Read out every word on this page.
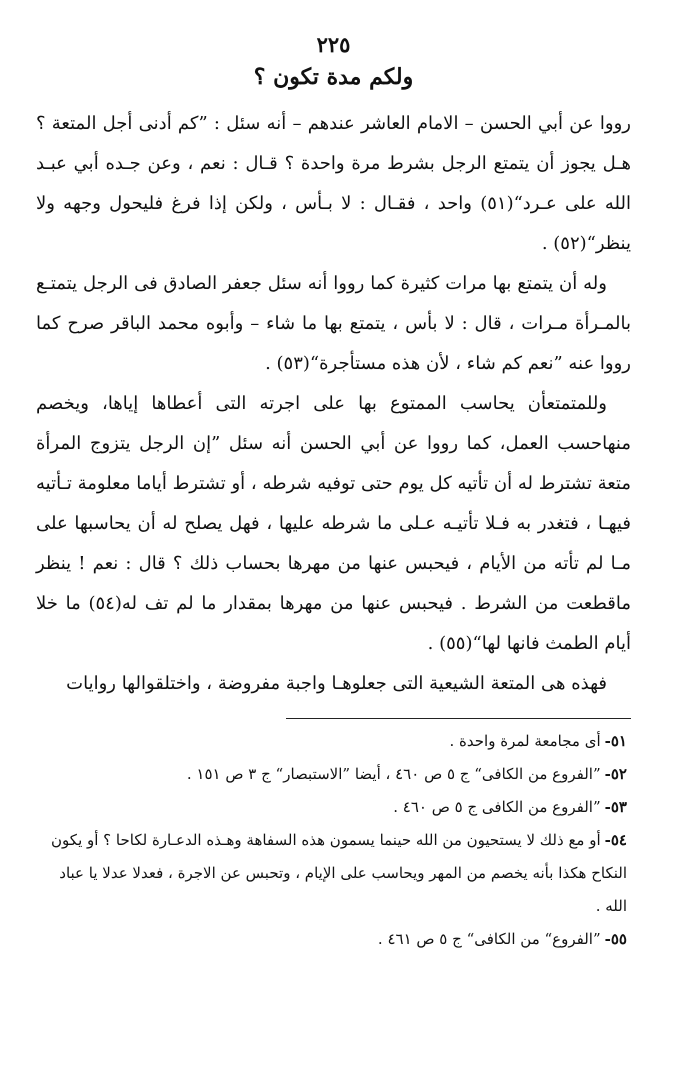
٢٢٥
ولكم مدة تكون ؟

رووا عن أبي الحسن – الامام العاشر عندهم – أنه سئل : ”كم أدنى أجل المتعة ؟ هـل يجوز أن يتمتع الرجل بشرط مرة واحدة ؟ قـال : نعم ، وعن جـده أبي عبـد الله على عـرد“(٥١) واحد ، فقـال : لا بـأس ، ولكن إذا فرغ فليحول وجهه ولا ينظر“(٥٢) .

وله أن يتمتع بها مرات كثيرة كما رووا أنه سئل جعفر الصادق فى الرجل يتمتـع بالمـرأة مـرات ، قال : لا بأس ، يتمتع بها ما شاء – وأبوه محمد الباقر صرح كما رووا عنه ”نعم كم شاء ، لأن هذه مستأجرة“(٥٣) .

وللمتمتعأن يحاسب الممتوع بها على اجرته التى أعطاها إياها، ويخصم منهاحسب العمل، كما رووا عن أبي الحسن أنه سئل ”إن الرجل يتزوج المرأة متعة تشترط له أن تأتيه كل يوم حتى توفيه شرطه ، أو تشترط أياما معلومة تـأتيه فيهـا ، فتغدر به فـلا تأتيـه عـلى ما شرطه عليها ، فهل يصلح له أن يحاسبها على مـا لم تأته من الأيام ، فيحبس عنها من مهرها بحساب ذلك ؟ قال : نعم ! ينظر ماقطعت من الشرط . فيحبس عنها من مهرها بمقدار ما لم تف له(٥٤) ما خلا أيام الطمث فانها لها“(٥٥) .

فهذه هى المتعة الشيعية التى جعلوهـا واجبة مفروضة ، واختلقوالها روايات

٥١-أى مجامعة لمرة واحدة .
٥٢-”الفروع من الكافى“ ج ٥ ص ٤٦٠ ، أيضا ”الاستبصار“ ج ٣ ص ١٥١ .
٥٣-”الفروع من الكافى ج ٥ ص ٤٦٠ .
٥٤-أو مع ذلك لا يستحيون من الله حينما يسمون هذه السفاهة وهـذه الدعـارة لكاحا ؟ أو يكون النكاح هكذا بأنه يخصم من المهر ويحاسب على الإيام ، وتحبس عن الاجرة ، فعدلا عدلا يا عباد الله .
٥٥-”الفروع“ من الكافى“ ج ٥ ص ٤٦١ .
